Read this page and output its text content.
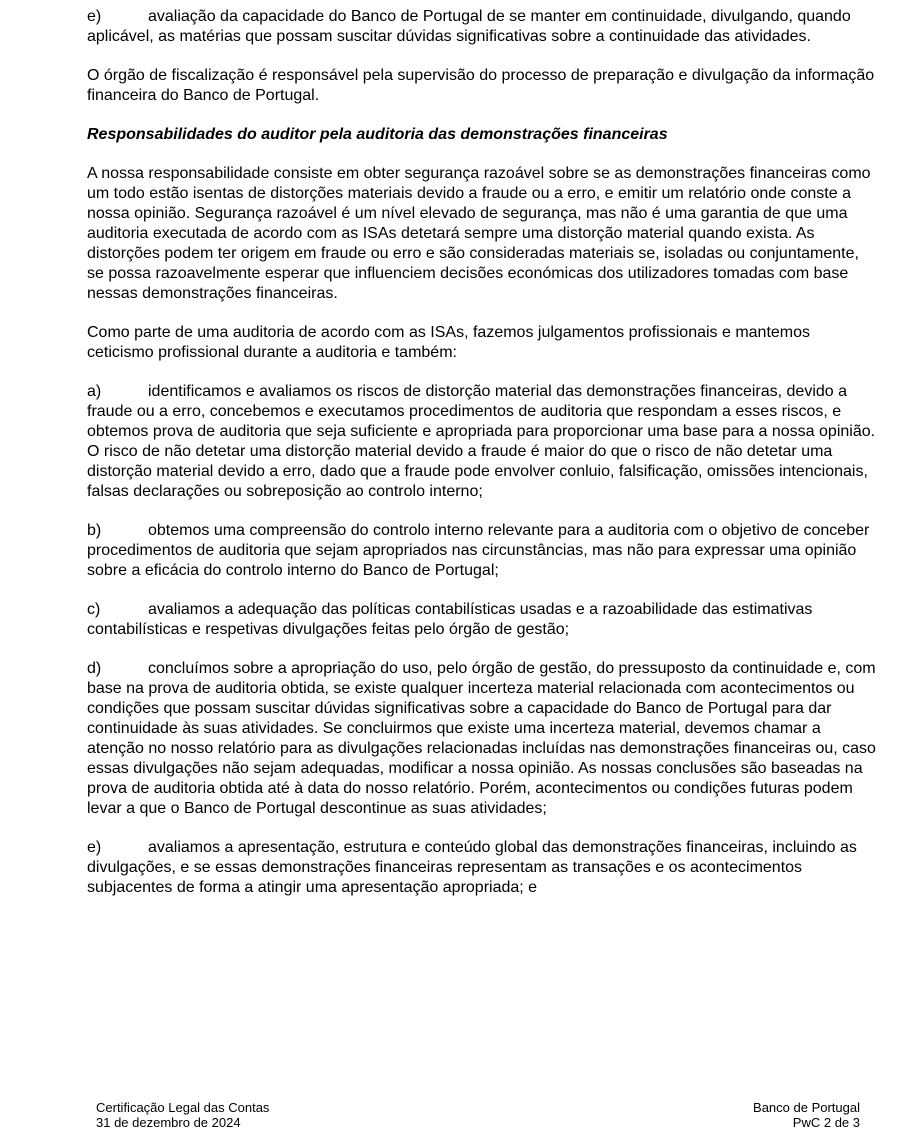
e)	avaliação da capacidade do Banco de Portugal de se manter em continuidade, divulgando, quando aplicável, as matérias que possam suscitar dúvidas significativas sobre a continuidade das atividades.

O órgão de fiscalização é responsável pela supervisão do processo de preparação e divulgação da informação financeira do Banco de Portugal.

Responsabilidades do auditor pela auditoria das demonstrações financeiras

A nossa responsabilidade consiste em obter segurança razoável sobre se as demonstrações financeiras como um todo estão isentas de distorções materiais devido a fraude ou a erro, e emitir um relatório onde conste a nossa opinião. Segurança razoável é um nível elevado de segurança, mas não é uma garantia de que uma auditoria executada de acordo com as ISAs detetará sempre uma distorção material quando exista. As distorções podem ter origem em fraude ou erro e são consideradas materiais se, isoladas ou conjuntamente, se possa razoavelmente esperar que influenciem decisões económicas dos utilizadores tomadas com base nessas demonstrações financeiras.

Como parte de uma auditoria de acordo com as ISAs, fazemos julgamentos profissionais e mantemos ceticismo profissional durante a auditoria e também:

a)	identificamos e avaliamos os riscos de distorção material das demonstrações financeiras, devido a fraude ou a erro, concebemos e executamos procedimentos de auditoria que respondam a esses riscos, e obtemos prova de auditoria que seja suficiente e apropriada para proporcionar uma base para a nossa opinião. O risco de não detetar uma distorção material devido a fraude é maior do que o risco de não detetar uma distorção material devido a erro, dado que a fraude pode envolver conluio, falsificação, omissões intencionais, falsas declarações ou sobreposição ao controlo interno;
b)	obtemos uma compreensão do controlo interno relevante para a auditoria com o objetivo de conceber procedimentos de auditoria que sejam apropriados nas circunstâncias, mas não para expressar uma opinião sobre a eficácia do controlo interno do Banco de Portugal;
c)	avaliamos a adequação das políticas contabilísticas usadas e a razoabilidade das estimativas contabilísticas e respetivas divulgações feitas pelo órgão de gestão;
d)	concluímos sobre a apropriação do uso, pelo órgão de gestão, do pressuposto da continuidade e, com base na prova de auditoria obtida, se existe qualquer incerteza material relacionada com acontecimentos ou condições que possam suscitar dúvidas significativas sobre a capacidade do Banco de Portugal para dar continuidade às suas atividades. Se concluirmos que existe uma incerteza material, devemos chamar a atenção no nosso relatório para as divulgações relacionadas incluídas nas demonstrações financeiras ou, caso essas divulgações não sejam adequadas, modificar a nossa opinião. As nossas conclusões são baseadas na prova de auditoria obtida até à data do nosso relatório. Porém, acontecimentos ou condições futuras podem levar a que o Banco de Portugal descontinue as suas atividades;
e)	avaliamos a apresentação, estrutura e conteúdo global das demonstrações financeiras, incluindo as divulgações, e se essas demonstrações financeiras representam as transações e os acontecimentos subjacentes de forma a atingir uma apresentação apropriada; e
Certificação Legal das Contas
31 de dezembro de 2024
Banco de Portugal
PwC 2 de 3
